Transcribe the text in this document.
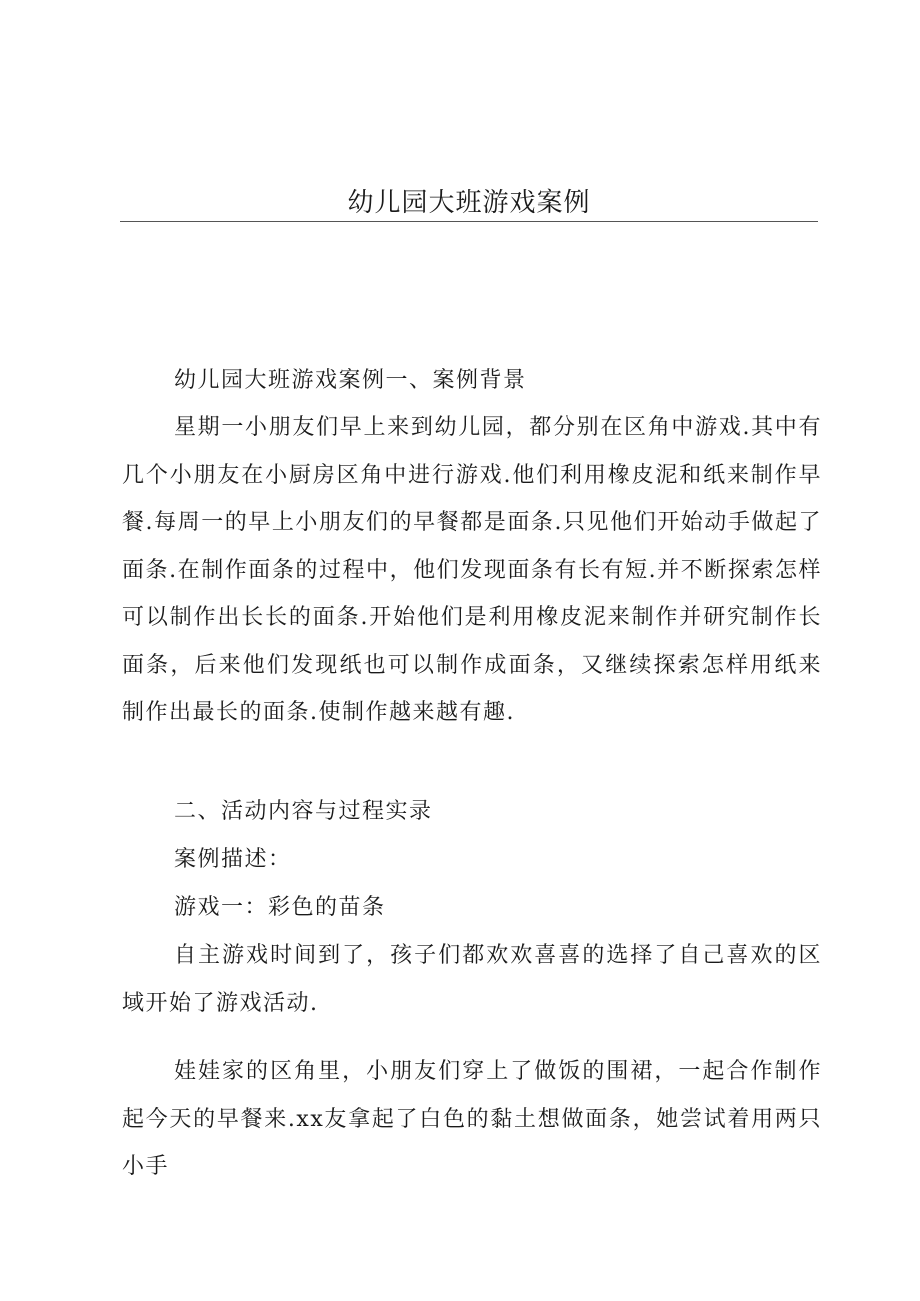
幼儿园大班游戏案例

幼儿园大班游戏案例一、案例背景

星期一小朋友们早上来到幼儿园，都分别在区角中游戏.其中有几个小朋友在小厨房区角中进行游戏.他们利用橡皮泥和纸来制作早餐.每周一的早上小朋友们的早餐都是面条.只见他们开始动手做起了面条.在制作面条的过程中，他们发现面条有长有短.并不断探索怎样可以制作出长长的面条.开始他们是利用橡皮泥来制作并研究制作长面条，后来他们发现纸也可以制作成面条，又继续探索怎样用纸来制作出最长的面条.使制作越来越有趣.

二、活动内容与过程实录

案例描述：

游戏一：彩色的苗条

自主游戏时间到了，孩子们都欢欢喜喜的选择了自己喜欢的区域开始了游戏活动.

娃娃家的区角里，小朋友们穿上了做饭的围裙，一起合作制作起今天的早餐来.xx友拿起了白色的黏土想做面条，她尝试着用两只小手
